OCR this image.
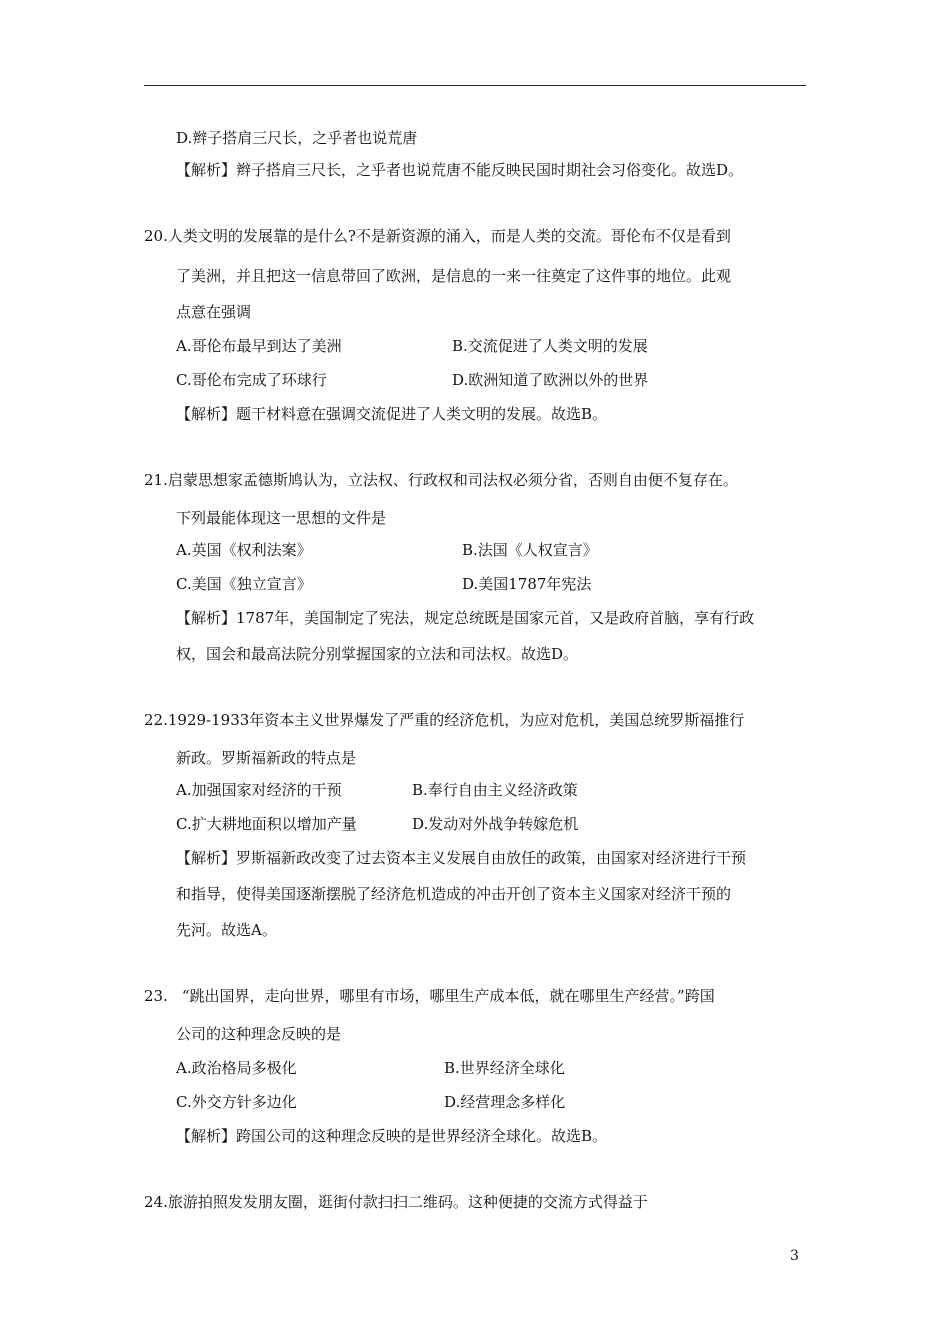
D.辫子搭肩三尺长，之乎者也说荒唐
【解析】辫子搭肩三尺长，之乎者也说荒唐不能反映民国时期社会习俗变化。故选D。
20.人类文明的发展靠的是什么?不是新资源的涌入，而是人类的交流。哥伦布不仅是看到
了美洲，并且把这一信息带回了欧洲，是信息的一来一往奠定了这件事的地位。此观
点意在强调
A.哥伦布最早到达了美洲	B.交流促进了人类文明的发展
C.哥伦布完成了环球行	D.欧洲知道了欧洲以外的世界
【解析】题干材料意在强调交流促进了人类文明的发展。故选B。
21.启蒙思想家孟德斯鸠认为，立法权、行政权和司法权必须分省，否则自由便不复存在。
下列最能体现这一思想的文件是
A.英国《权利法案》	B.法国《人权宣言》
C.美国《独立宣言》	D.美国1787年宪法
【解析】1787年，美国制定了宪法，规定总统既是国家元首，又是政府首脑，享有行政
权，国会和最高法院分别掌握国家的立法和司法权。故选D。
22.1929-1933年资本主义世界爆发了严重的经济危机，为应对危机，美国总统罗斯福推行
新政。罗斯福新政的特点是
A.加强国家对经济的干预	B.奉行自由主义经济政策
C.扩大耕地面积以增加产量	D.发动对外战争转嫁危机
【解析】罗斯福新政改变了过去资本主义发展自由放任的政策，由国家对经济进行干预
和指导，使得美国逐渐摆脱了经济危机造成的冲击开创了资本主义国家对经济干预的
先河。故选A。
23. “跳出国界，走向世界，哪里有市场，哪里生产成本低，就在哪里生产经营。”跨国
公司的这种理念反映的是
A.政治格局多极化	B.世界经济全球化
C.外交方针多边化	D.经营理念多样化
【解析】跨国公司的这种理念反映的是世界经济全球化。故选B。
24.旅游拍照发发朋友圈，逛街付款扫扫二维码。这种便捷的交流方式得益于
3
